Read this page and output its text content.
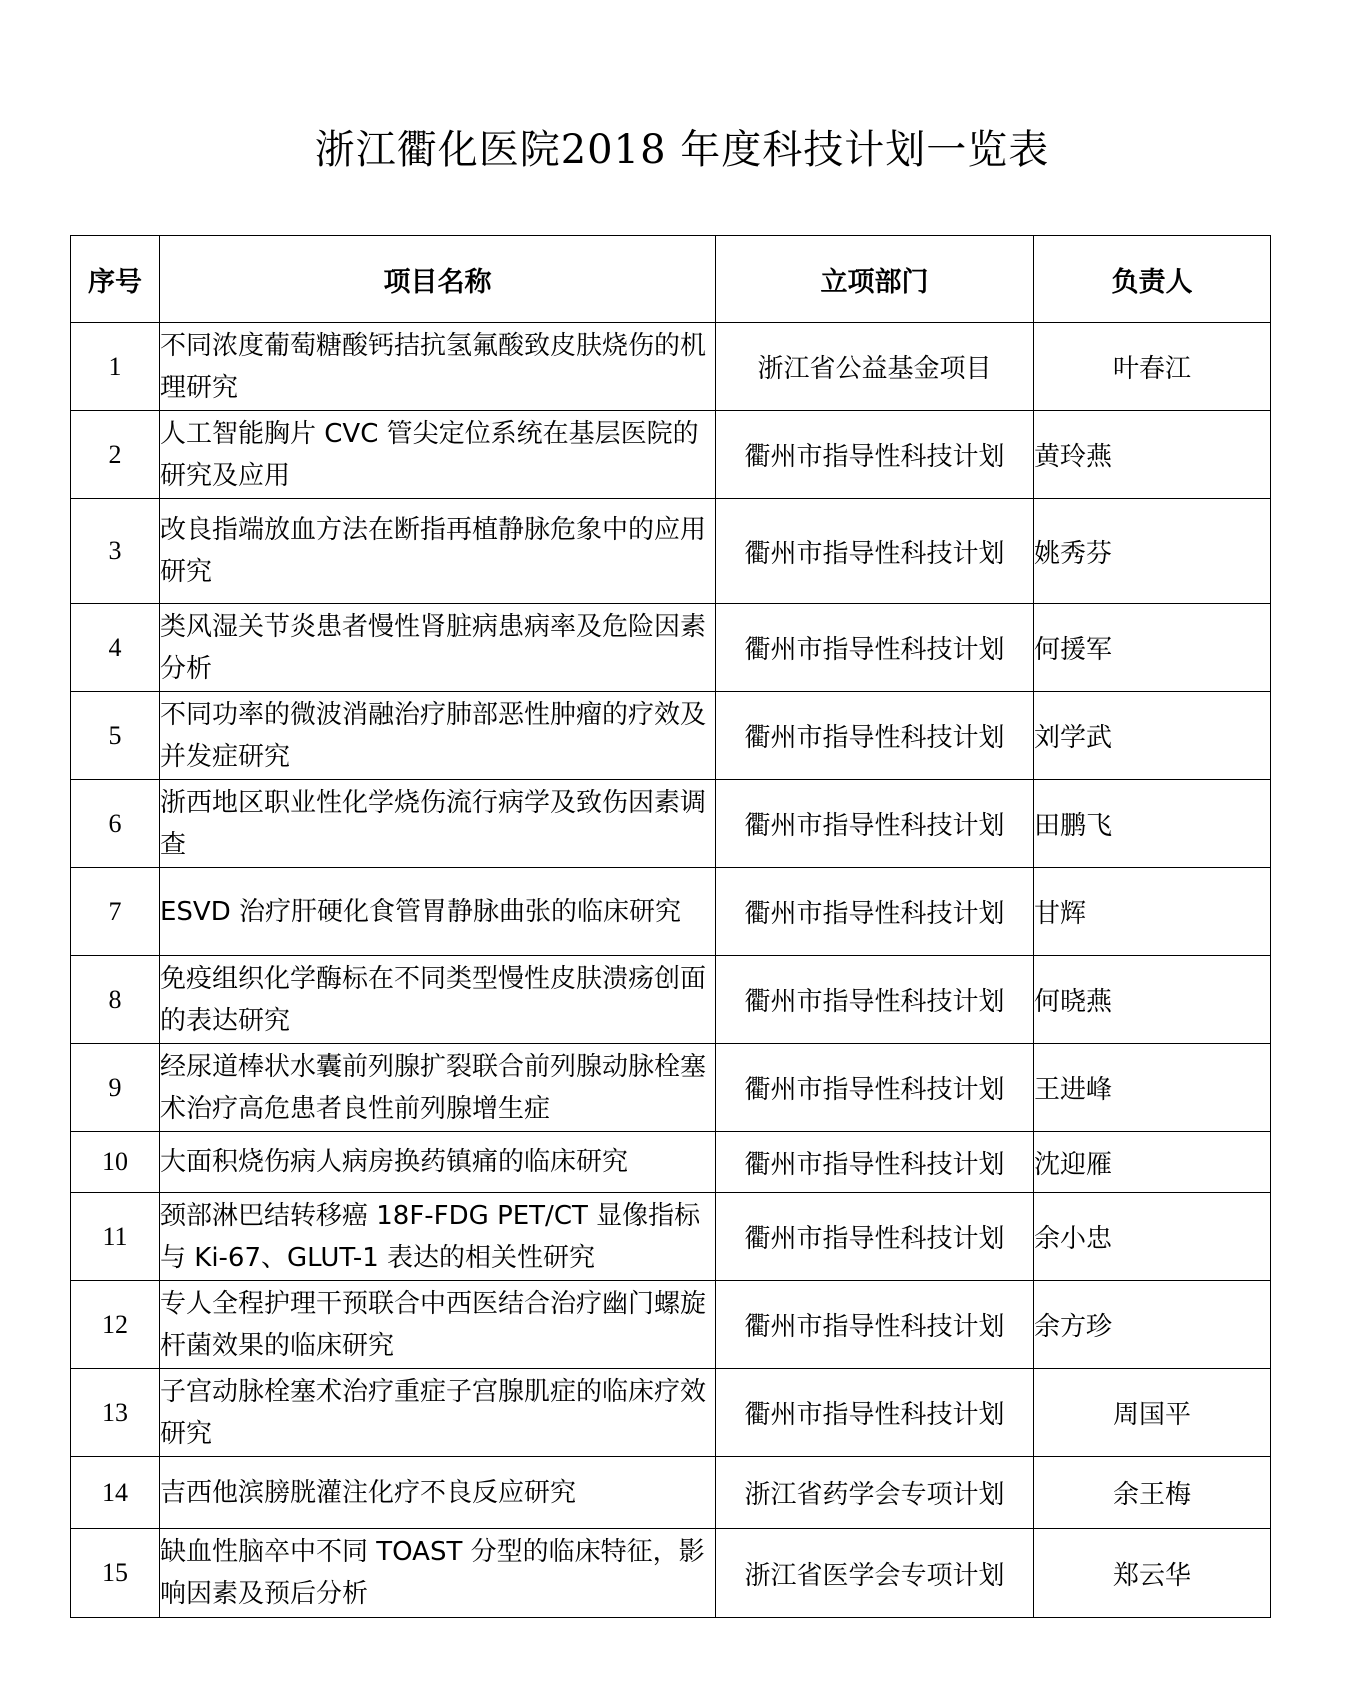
浙江衢化医院2018 年度科技计划一览表
序号	项目名称	立项部门	负责人
1	不同浓度葡萄糖酸钙拮抗氢氟酸致皮肤烧伤的机理研究	浙江省公益基金项目	叶春江
2	人工智能胸片 CVC 管尖定位系统在基层医院的研究及应用	衢州市指导性科技计划	黄玲燕
3	改良指端放血方法在断指再植静脉危象中的应用研究	衢州市指导性科技计划	姚秀芬
4	类风湿关节炎患者慢性肾脏病患病率及危险因素分析	衢州市指导性科技计划	何援军
5	不同功率的微波消融治疗肺部恶性肿瘤的疗效及并发症研究	衢州市指导性科技计划	刘学武
6	浙西地区职业性化学烧伤流行病学及致伤因素调查	衢州市指导性科技计划	田鹏飞
7	ESVD 治疗肝硬化食管胃静脉曲张的临床研究	衢州市指导性科技计划	甘辉
8	免疫组织化学酶标在不同类型慢性皮肤溃疡创面的表达研究	衢州市指导性科技计划	何晓燕
9	经尿道棒状水囊前列腺扩裂联合前列腺动脉栓塞术治疗高危患者良性前列腺增生症	衢州市指导性科技计划	王进峰
10	大面积烧伤病人病房换药镇痛的临床研究	衢州市指导性科技计划	沈迎雁
11	颈部淋巴结转移癌 18F-FDG PET/CT 显像指标与 Ki-67、GLUT-1 表达的相关性研究	衢州市指导性科技计划	余小忠
12	专人全程护理干预联合中西医结合治疗幽门螺旋杆菌效果的临床研究	衢州市指导性科技计划	余方珍
13	子宫动脉栓塞术治疗重症子宫腺肌症的临床疗效研究	衢州市指导性科技计划	周国平
14	吉西他滨膀胱灌注化疗不良反应研究	浙江省药学会专项计划	余王梅
15	缺血性脑卒中不同 TOAST 分型的临床特征，影响因素及预后分析	浙江省医学会专项计划	郑云华
